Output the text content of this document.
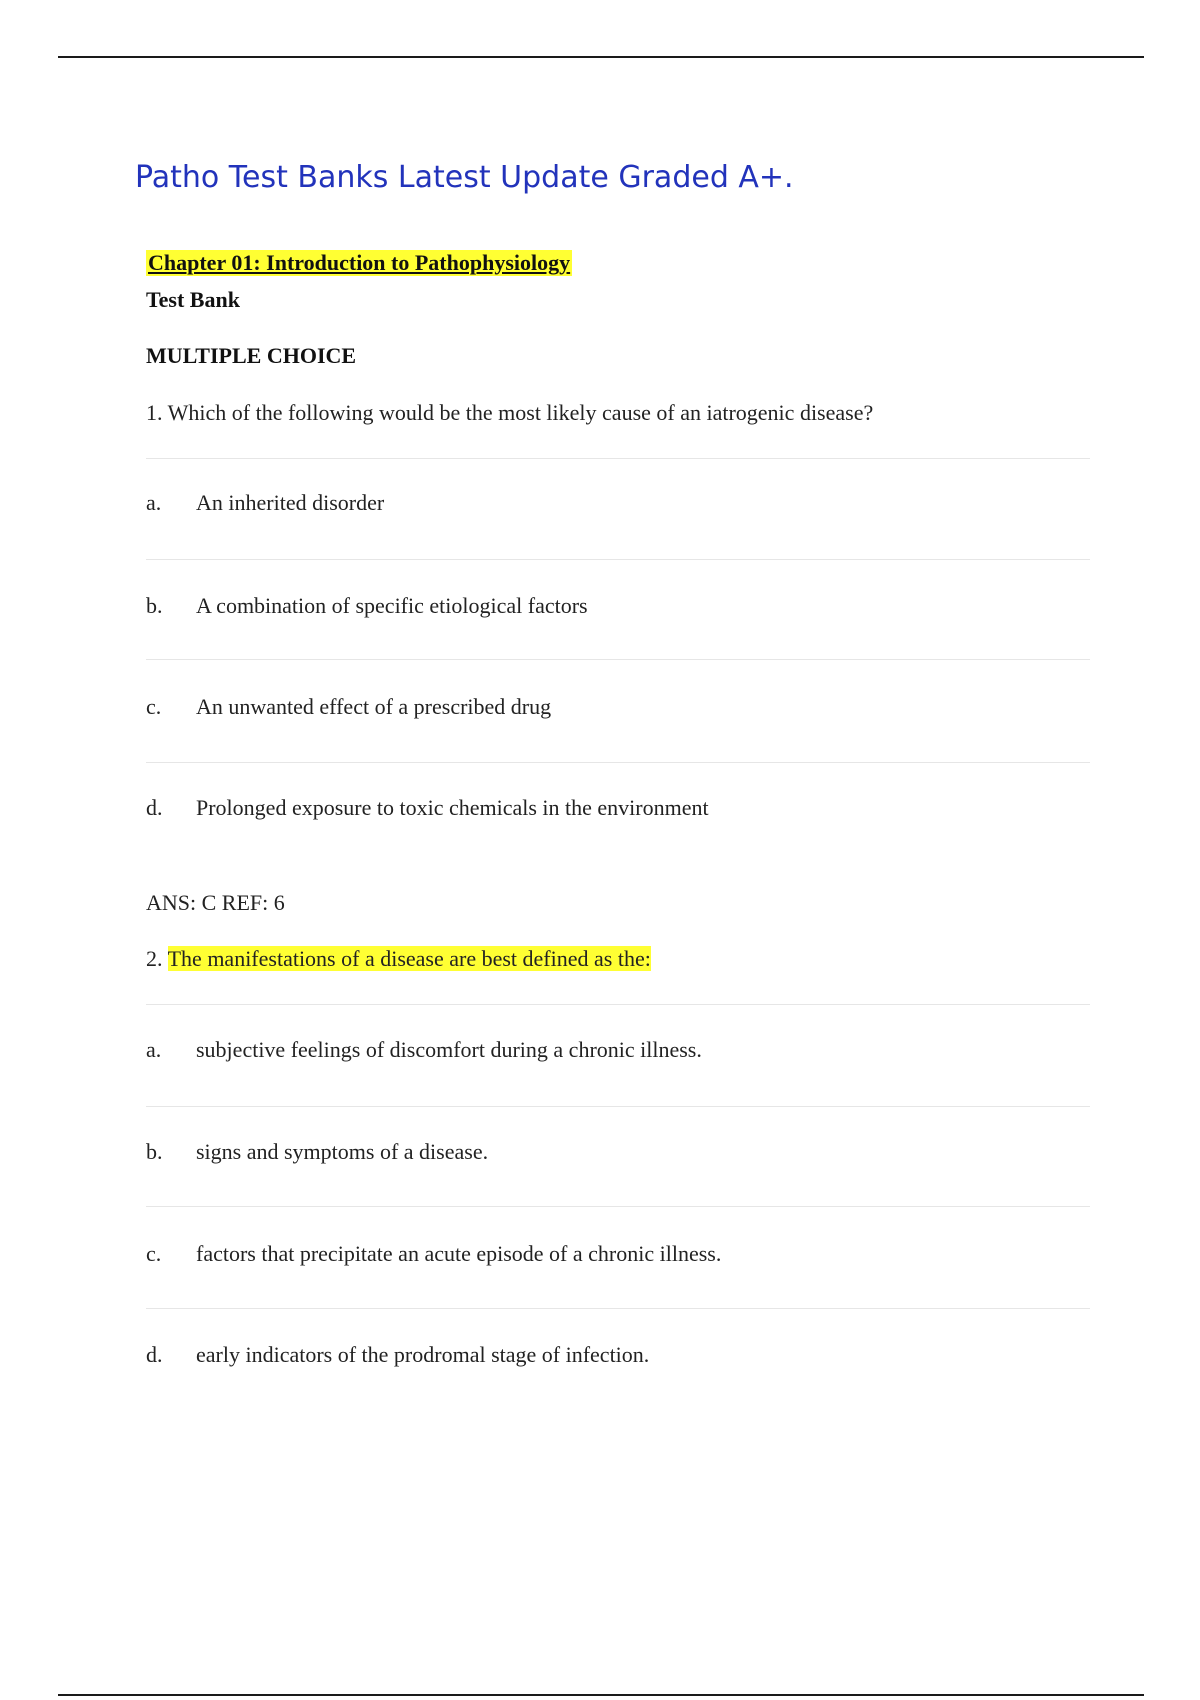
Patho Test Banks Latest Update Graded A+.
Chapter 01: Introduction to Pathophysiology
Test Bank
MULTIPLE CHOICE
1. Which of the following would be the most likely cause of an iatrogenic disease?
a. An inherited disorder
b. A combination of specific etiological factors
c. An unwanted effect of a prescribed drug
d. Prolonged exposure to toxic chemicals in the environment
ANS: C REF: 6
2. The manifestations of a disease are best defined as the:
a. subjective feelings of discomfort during a chronic illness.
b. signs and symptoms of a disease.
c. factors that precipitate an acute episode of a chronic illness.
d. early indicators of the prodromal stage of infection.
